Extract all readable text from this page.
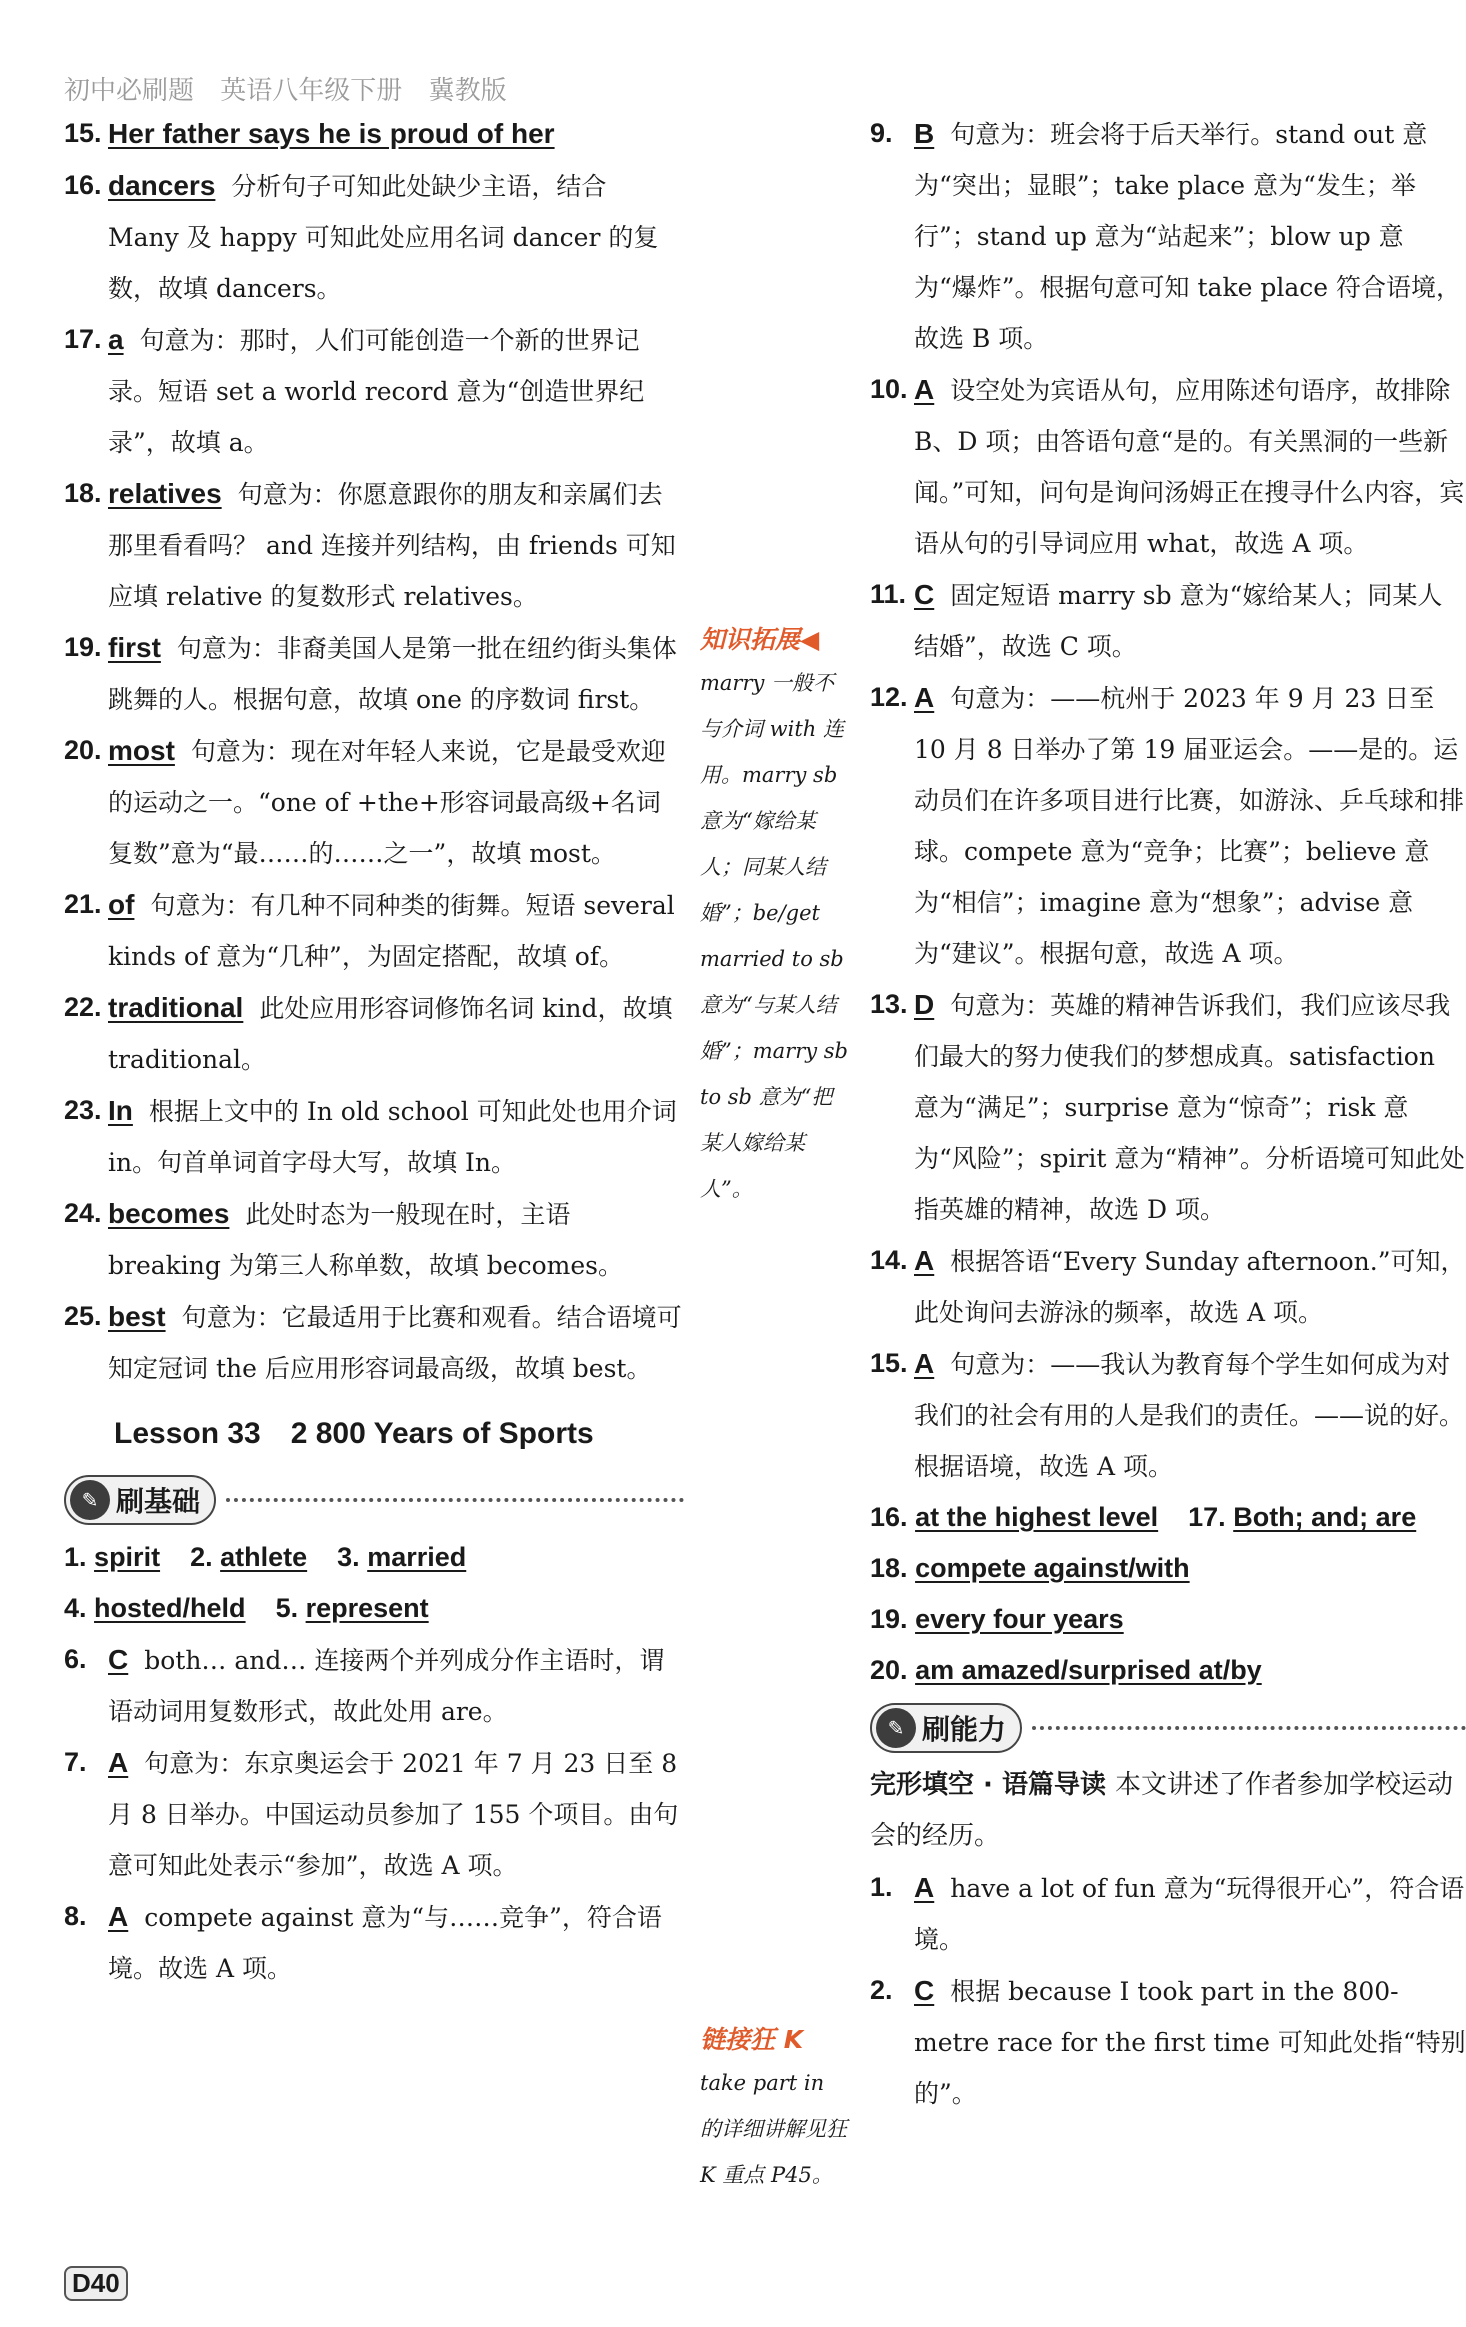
初中必刷题 英语八年级下册 冀教版
15. Her father says he is proud of her
16. dancers 分析句子可知此处缺少主语，结合 Many 及 happy 可知此处应用名词 dancer 的复数，故填 dancers。
17. a 句意为：那时，人们可能创造一个新的世界记录。短语 set a world record 意为“创造世界纪录”，故填 a。
18. relatives 句意为：你愿意跟你的朋友和亲属们去那里看看吗？ and 连接并列结构，由 friends 可知应填 relative 的复数形式 relatives。
19. first 句意为：非裔美国人是第一批在纽约街头集体跳舞的人。根据句意，故填 one 的序数词 first。
20. most 句意为：现在对年轻人来说，它是最受欢迎的运动之一。“one of +the+形容词最高级+名词复数”意为“最……的……之一”，故填 most。
21. of 句意为：有几种不同种类的街舞。短语 several kinds of 意为“几种”，为固定搭配，故填 of。
22. traditional 此处应用形容词修饰名词 kind，故填 traditional。
23. In 根据上文中的 In old school 可知此处也用介词 in。句首单词首字母大写，故填 In。
24. becomes 此处时态为一般现在时，主语 breaking 为第三人称单数，故填 becomes。
25. best 句意为：它最适用于比赛和观看。结合语境可知定冠词 the 后应用形容词最高级，故填 best。
Lesson 33　2 800 Years of Sports
✎ 刷基础
1. spirit 2. athlete 3. married
4. hosted/held 5. represent
6. C both… and… 连接两个并列成分作主语时，谓语动词用复数形式，故此处用 are。
7. A 句意为：东京奥运会于 2021 年 7 月 23 日至 8 月 8 日举办。中国运动员参加了 155 个项目。由句意可知此处表示“参加”，故选 A 项。
8. A compete against 意为“与……竞争”，符合语境。故选 A 项。
知识拓展◀
marry 一般不与介词 with 连用。marry sb 意为“嫁给某人；同某人结婚”；be/get married to sb 意为“与某人结婚”；marry sb to sb 意为“把某人嫁给某人”。
链接狂 K
take part in 的详细讲解见狂 K 重点 P45。
9. B 句意为：班会将于后天举行。stand out 意为“突出；显眼”；take place 意为“发生；举行”；stand up 意为“站起来”；blow up 意为“爆炸”。根据句意可知 take place 符合语境，故选 B 项。
10. A 设空处为宾语从句，应用陈述句语序，故排除 B、D 项；由答语句意“是的。有关黑洞的一些新闻。”可知，问句是询问汤姆正在搜寻什么内容，宾语从句的引导词应用 what，故选 A 项。
11. C 固定短语 marry sb 意为“嫁给某人；同某人结婚”，故选 C 项。
12. A 句意为：——杭州于 2023 年 9 月 23 日至 10 月 8 日举办了第 19 届亚运会。——是的。运动员们在许多项目进行比赛，如游泳、乒乓球和排球。compete 意为“竞争；比赛”；believe 意为“相信”；imagine 意为“想象”；advise 意为“建议”。根据句意，故选 A 项。
13. D 句意为：英雄的精神告诉我们，我们应该尽我们最大的努力使我们的梦想成真。satisfaction 意为“满足”；surprise 意为“惊奇”；risk 意为“风险”；spirit 意为“精神”。分析语境可知此处指英雄的精神，故选 D 项。
14. A 根据答语“Every Sunday afternoon.”可知，此处询问去游泳的频率，故选 A 项。
15. A 句意为：——我认为教育每个学生如何成为对我们的社会有用的人是我们的责任。——说的好。根据语境，故选 A 项。
16. at the highest level 17. Both; and; are
18. compete against/with
19. every four years
20. am amazed/surprised at/by
✎ 刷能力
完形填空 · 语篇导读 本文讲述了作者参加学校运动会的经历。
1. A have a lot of fun 意为“玩得很开心”，符合语境。
2. C 根据 because I took part in the 800-metre race for the first time 可知此处指“特别的”。
D40
